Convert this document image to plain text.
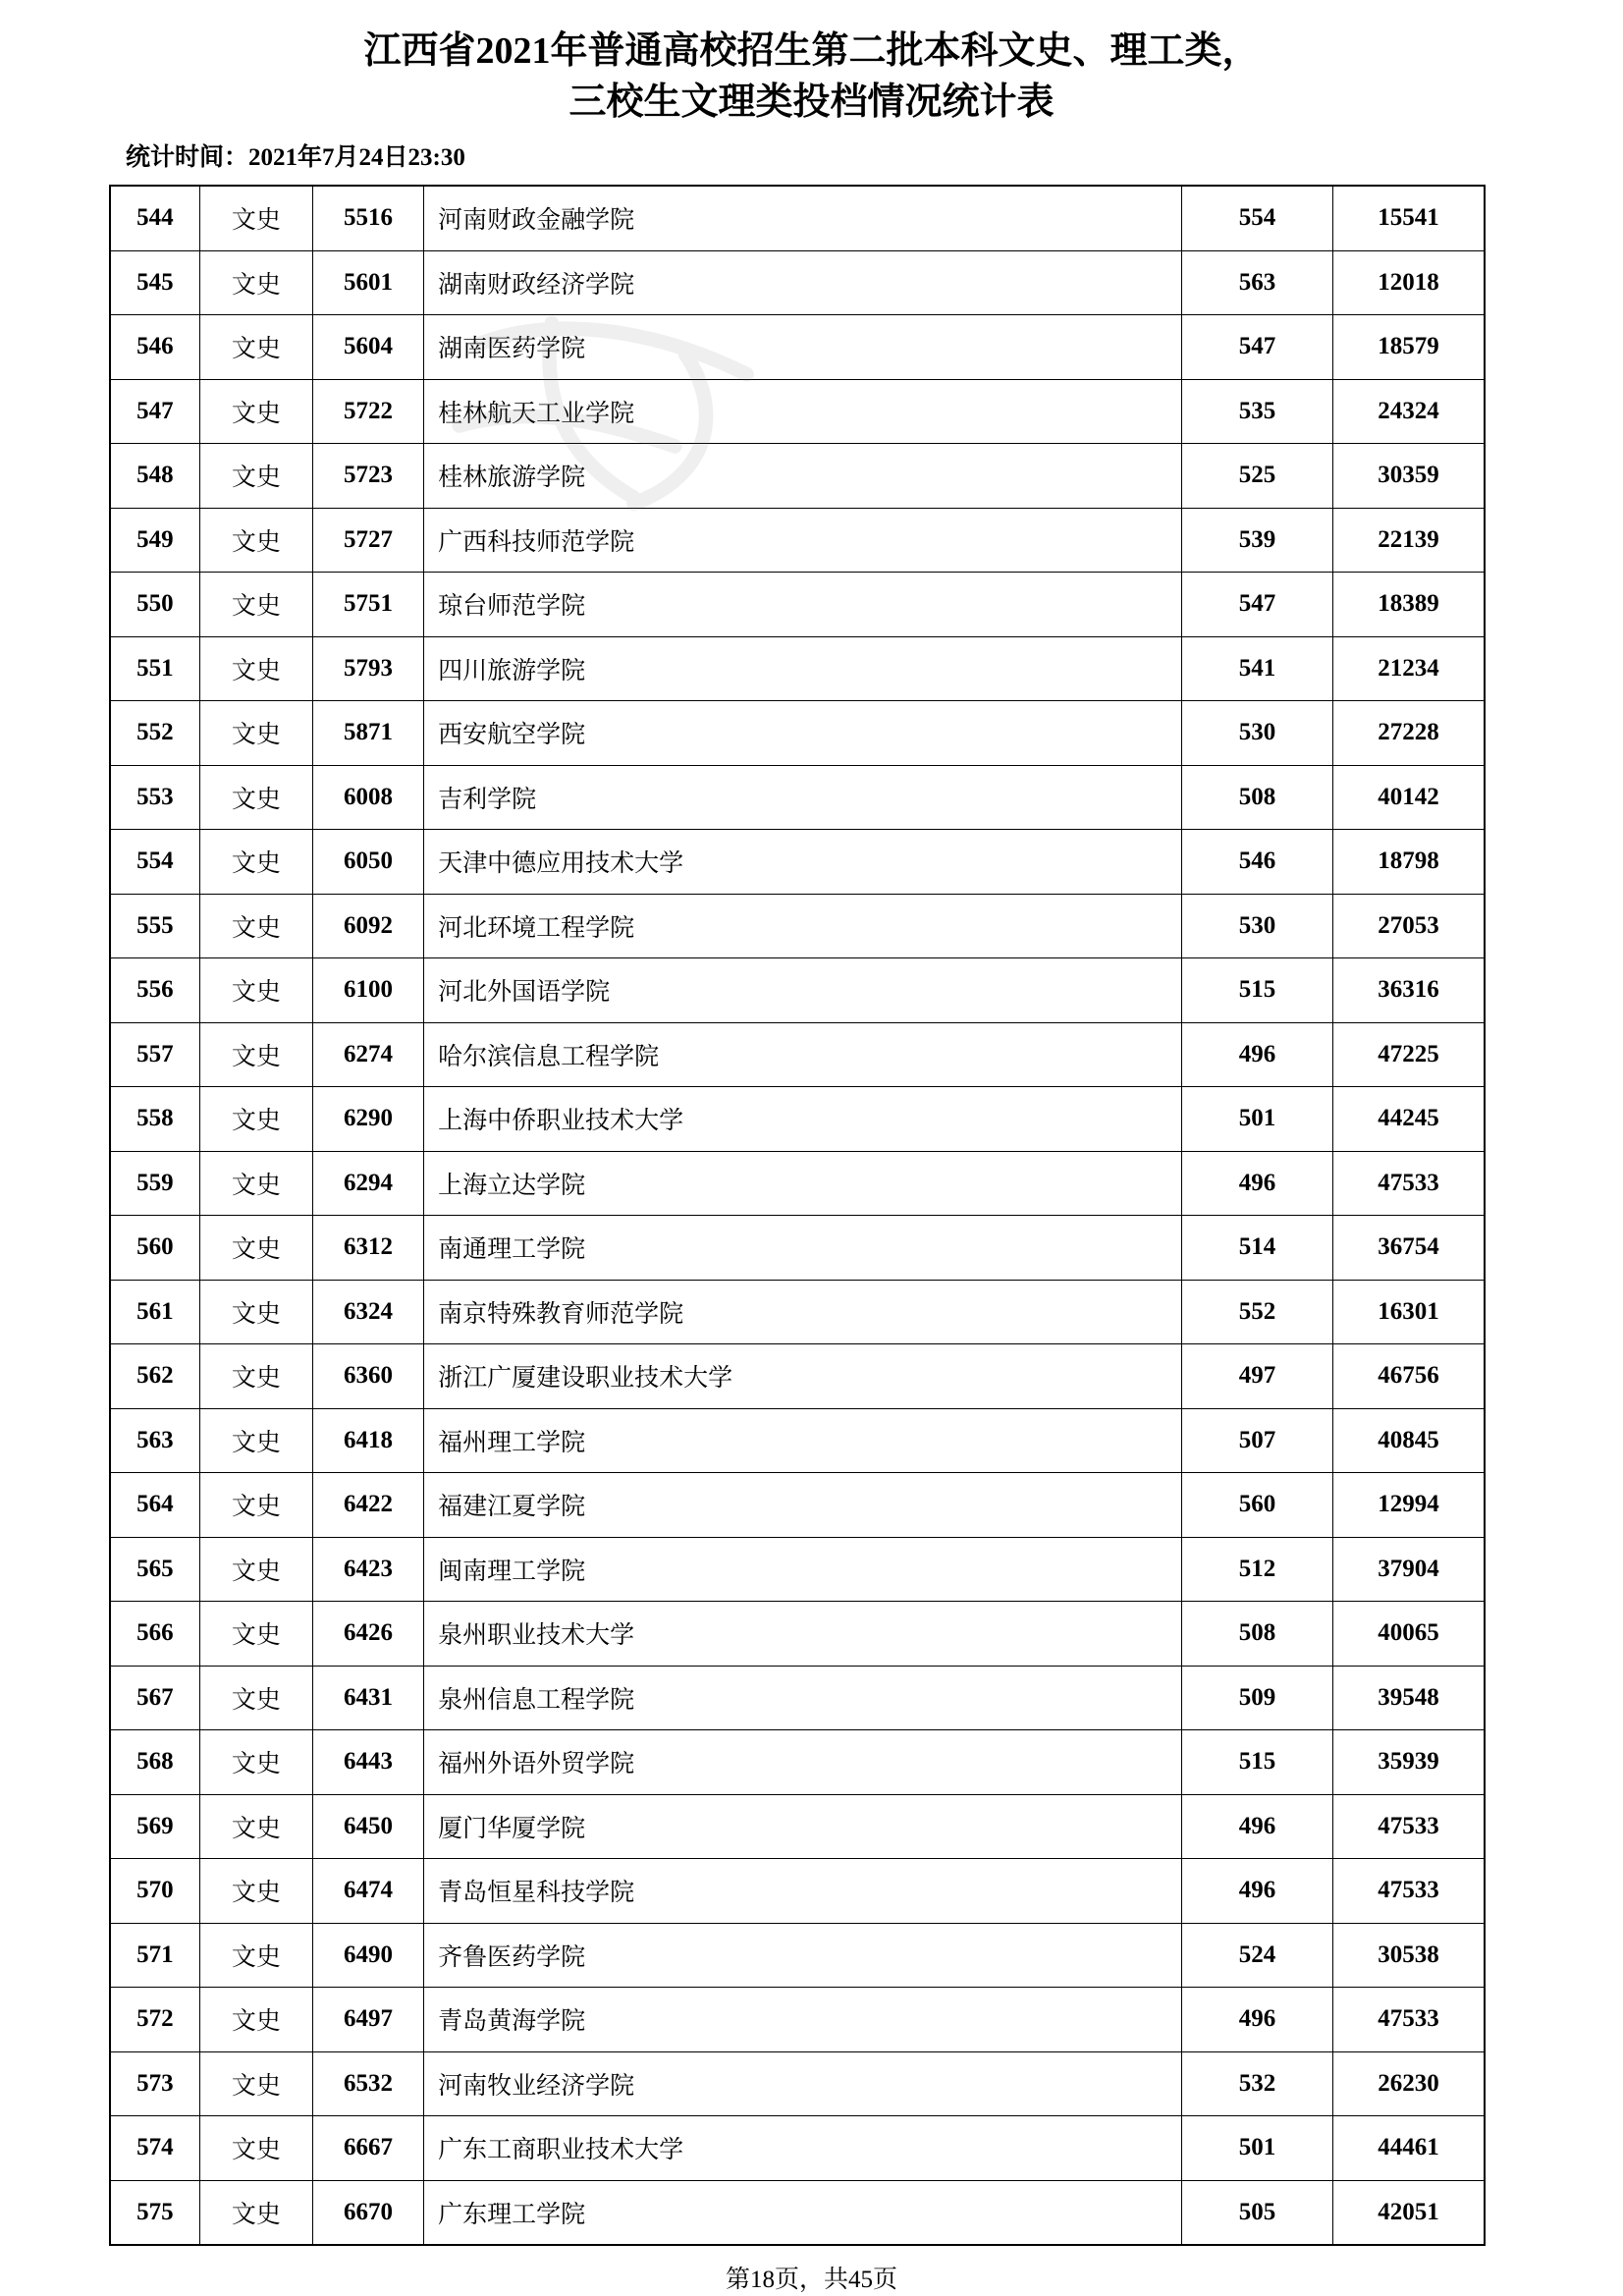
江西省2021年普通高校招生第二批本科文史、理工类，
三校生文理类投档情况统计表
统计时间：2021年7月24日23:30
544	文史	5516	河南财政金融学院	554	15541
545	文史	5601	湖南财政经济学院	563	12018
546	文史	5604	湖南医药学院	547	18579
547	文史	5722	桂林航天工业学院	535	24324
548	文史	5723	桂林旅游学院	525	30359
549	文史	5727	广西科技师范学院	539	22139
550	文史	5751	琼台师范学院	547	18389
551	文史	5793	四川旅游学院	541	21234
552	文史	5871	西安航空学院	530	27228
553	文史	6008	吉利学院	508	40142
554	文史	6050	天津中德应用技术大学	546	18798
555	文史	6092	河北环境工程学院	530	27053
556	文史	6100	河北外国语学院	515	36316
557	文史	6274	哈尔滨信息工程学院	496	47225
558	文史	6290	上海中侨职业技术大学	501	44245
559	文史	6294	上海立达学院	496	47533
560	文史	6312	南通理工学院	514	36754
561	文史	6324	南京特殊教育师范学院	552	16301
562	文史	6360	浙江广厦建设职业技术大学	497	46756
563	文史	6418	福州理工学院	507	40845
564	文史	6422	福建江夏学院	560	12994
565	文史	6423	闽南理工学院	512	37904
566	文史	6426	泉州职业技术大学	508	40065
567	文史	6431	泉州信息工程学院	509	39548
568	文史	6443	福州外语外贸学院	515	35939
569	文史	6450	厦门华厦学院	496	47533
570	文史	6474	青岛恒星科技学院	496	47533
571	文史	6490	齐鲁医药学院	524	30538
572	文史	6497	青岛黄海学院	496	47533
573	文史	6532	河南牧业经济学院	532	26230
574	文史	6667	广东工商职业技术大学	501	44461
575	文史	6670	广东理工学院	505	42051
第18页，共45页
